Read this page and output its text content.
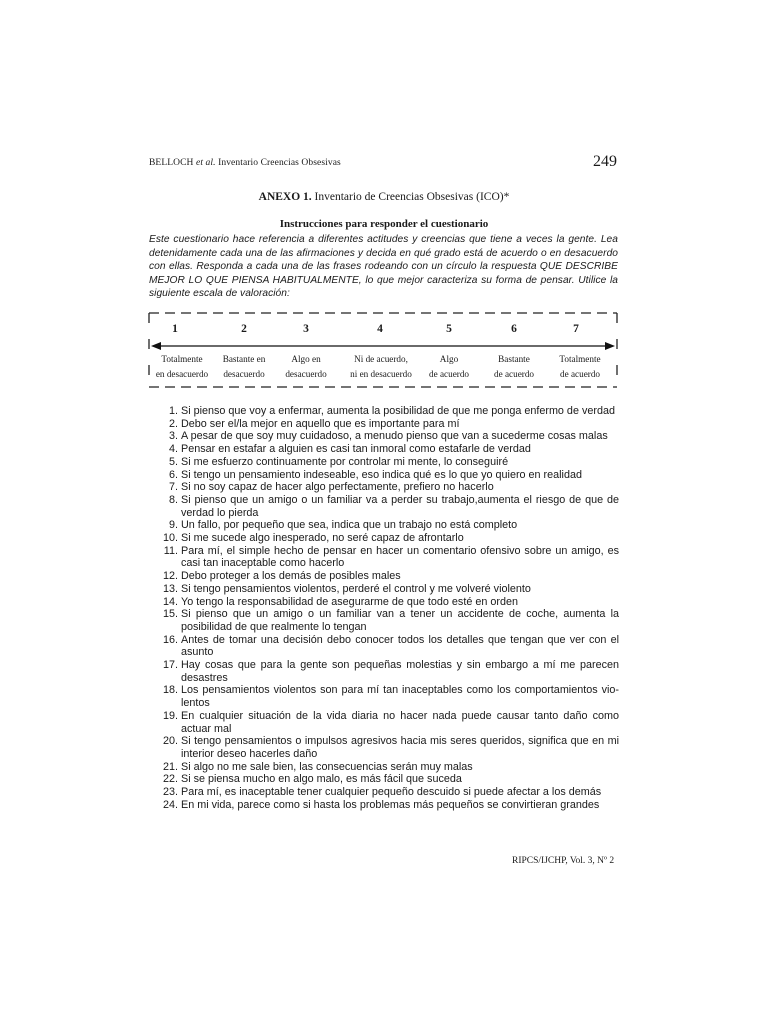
BELLOCH et al. Inventario Creencias Obsesivas	249
ANEXO 1. Inventario de Creencias Obsesivas (ICO)*
Instrucciones para responder el cuestionario
Este cuestionario hace referencia a diferentes actitudes y creencias que tiene a veces la gente. Lea detenidamente cada una de las afirmaciones y decida en qué grado está de acuerdo o en desacuerdo con ellas. Responda a cada una de las frases rodeando con un círculo la respuesta QUE DESCRIBE MEJOR LO QUE PIENSA HABITUALMENTE, lo que mejor caracteriza su forma de pensar. Utilice la siguiente escala de valoración:
1
Totalmente
en desacuerdo
2
Bastante en
desacuerdo
3
Algo en
desacuerdo
4
Ni de acuerdo,
ni en desacuerdo
5
Algo
de acuerdo
6
Bastante
de acuerdo
7
Totalmente
de acuerdo
1. Si pienso que voy a enfermar, aumenta la posibilidad de que me ponga enfermo de verdad
2. Debo ser el/la mejor en aquello que es importante para mí
3. A pesar de que soy muy cuidadoso, a menudo pienso que van a sucederme cosas malas
4. Pensar en estafar a alguien es casi tan inmoral como estafarle de verdad
5. Si me esfuerzo continuamente por controlar mi mente, lo conseguiré
6. Si tengo un pensamiento indeseable, eso indica qué es lo que yo quiero en realidad
7. Si no soy capaz de hacer algo perfectamente, prefiero no hacerlo
8. Si pienso que un amigo o un familiar va a perder su trabajo,aumenta el riesgo de que de verdad lo pierda
9. Un fallo, por pequeño que sea, indica que un trabajo no está completo
10. Si me sucede algo inesperado, no seré capaz de afrontarlo
11. Para mí, el simple hecho de pensar en hacer un comentario ofensivo sobre un amigo, es casi tan inaceptable como hacerlo
12. Debo proteger a los demás de posibles males
13. Si tengo pensamientos violentos, perderé el control y me volveré violento
14. Yo tengo la responsabilidad de asegurarme de que todo esté en orden
15. Si pienso que un amigo o un familiar van a tener un accidente de coche, aumenta la posibilidad de que realmente lo tengan
16. Antes de tomar una decisión debo conocer todos los detalles que tengan que ver con el asunto
17. Hay cosas que para la gente son pequeñas molestias y sin embargo a mí me parecen desastres
18. Los pensamientos violentos son para mí tan inaceptables como los comportamientos vio-lentos
19. En cualquier situación de la vida diaria no hacer nada puede causar tanto daño como actuar mal
20. Si tengo pensamientos o impulsos agresivos hacia mis seres queridos, significa que en mi interior deseo hacerles daño
21. Si algo no me sale bien, las consecuencias serán muy malas
22. Si se piensa mucho en algo malo, es más fácil que suceda
23. Para mí, es inaceptable tener cualquier pequeño descuido si puede afectar a los demás
24. En mi vida, parece como si hasta los problemas más pequeños se convirtieran grandes
RIPCS/IJCHP, Vol. 3, Nº 2
